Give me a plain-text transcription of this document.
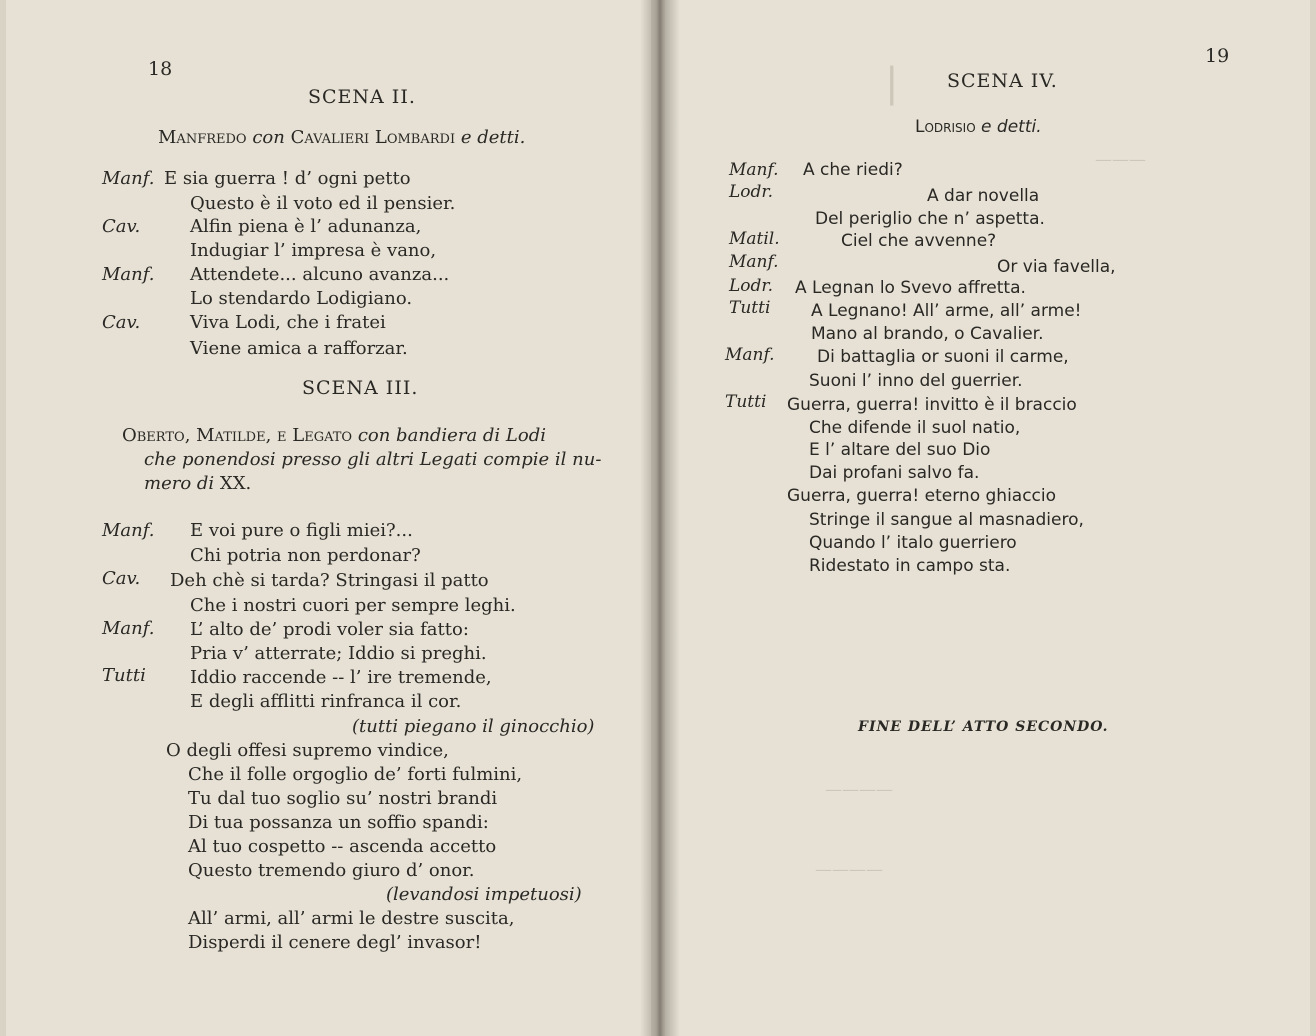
18
SCENA II.
Manfredo con Cavalieri Lombardi e detti.
Manf. E sia guerra ! d’ ogni petto
Questo è il voto ed il pensier.
Cav.	Alfin piena è l’ adunanza,
Indugiar l’ impresa è vano,
Manf. Attendete... alcuno avanza...
Lo stendardo Lodigiano.
Cav.	Viva Lodi, che i fratei
Viene amica a rafforzar.
SCENA III.
Oberto, Matilde, e Legato con bandiera di Lodi
che ponendosi presso gli altri Legati compie il nu-
mero di XX.
Manf. E voi pure o figli miei?...
Chi potria non perdonar?
Cav. Deh chè si tarda? Stringasi il patto
Che i nostri cuori per sempre leghi.
Manf. L’ alto de’ prodi voler sia fatto:
Pria v’ atterrate; Iddio si preghi.
Tutti Iddio raccende -- l’ ire tremende,
E degli afflitti rinfranca il cor.
(tutti piegano il ginocchio)
O degli offesi supremo vindice,
Che il folle orgoglio de’ forti fulmini,
Tu dal tuo soglio su’ nostri brandi
Di tua possanza un soffio spandi:
Al tuo cospetto -- ascenda accetto
Questo tremendo giuro d’ onor.
(levandosi impetuosi)
All’ armi, all’ armi le destre suscita,
Disperdi il cenere degl’ invasor!
❘
———
————
————
19
SCENA IV.
Lodrisio e detti.
Manf. A che riedi?
Lodr.	A dar novella
Del periglio che n’ aspetta.
Matil.	Ciel che avvenne?
Manf.	Or via favella,
Lodr. A Legnan lo Svevo affretta.
Tutti A Legnano! All’ arme, all’ arme!
Mano al brando, o Cavalier.
Manf. Di battaglia or suoni il carme,
Suoni l’ inno del guerrier.
Tutti Guerra, guerra! invitto è il braccio
Che difende il suol natio,
E l’ altare del suo Dio
Dai profani salvo fa.
Guerra, guerra! eterno ghiaccio
Stringe il sangue al masnadiero,
Quando l’ italo guerriero
Ridestato in campo sta.
FINE DELL’ ATTO SECONDO.
